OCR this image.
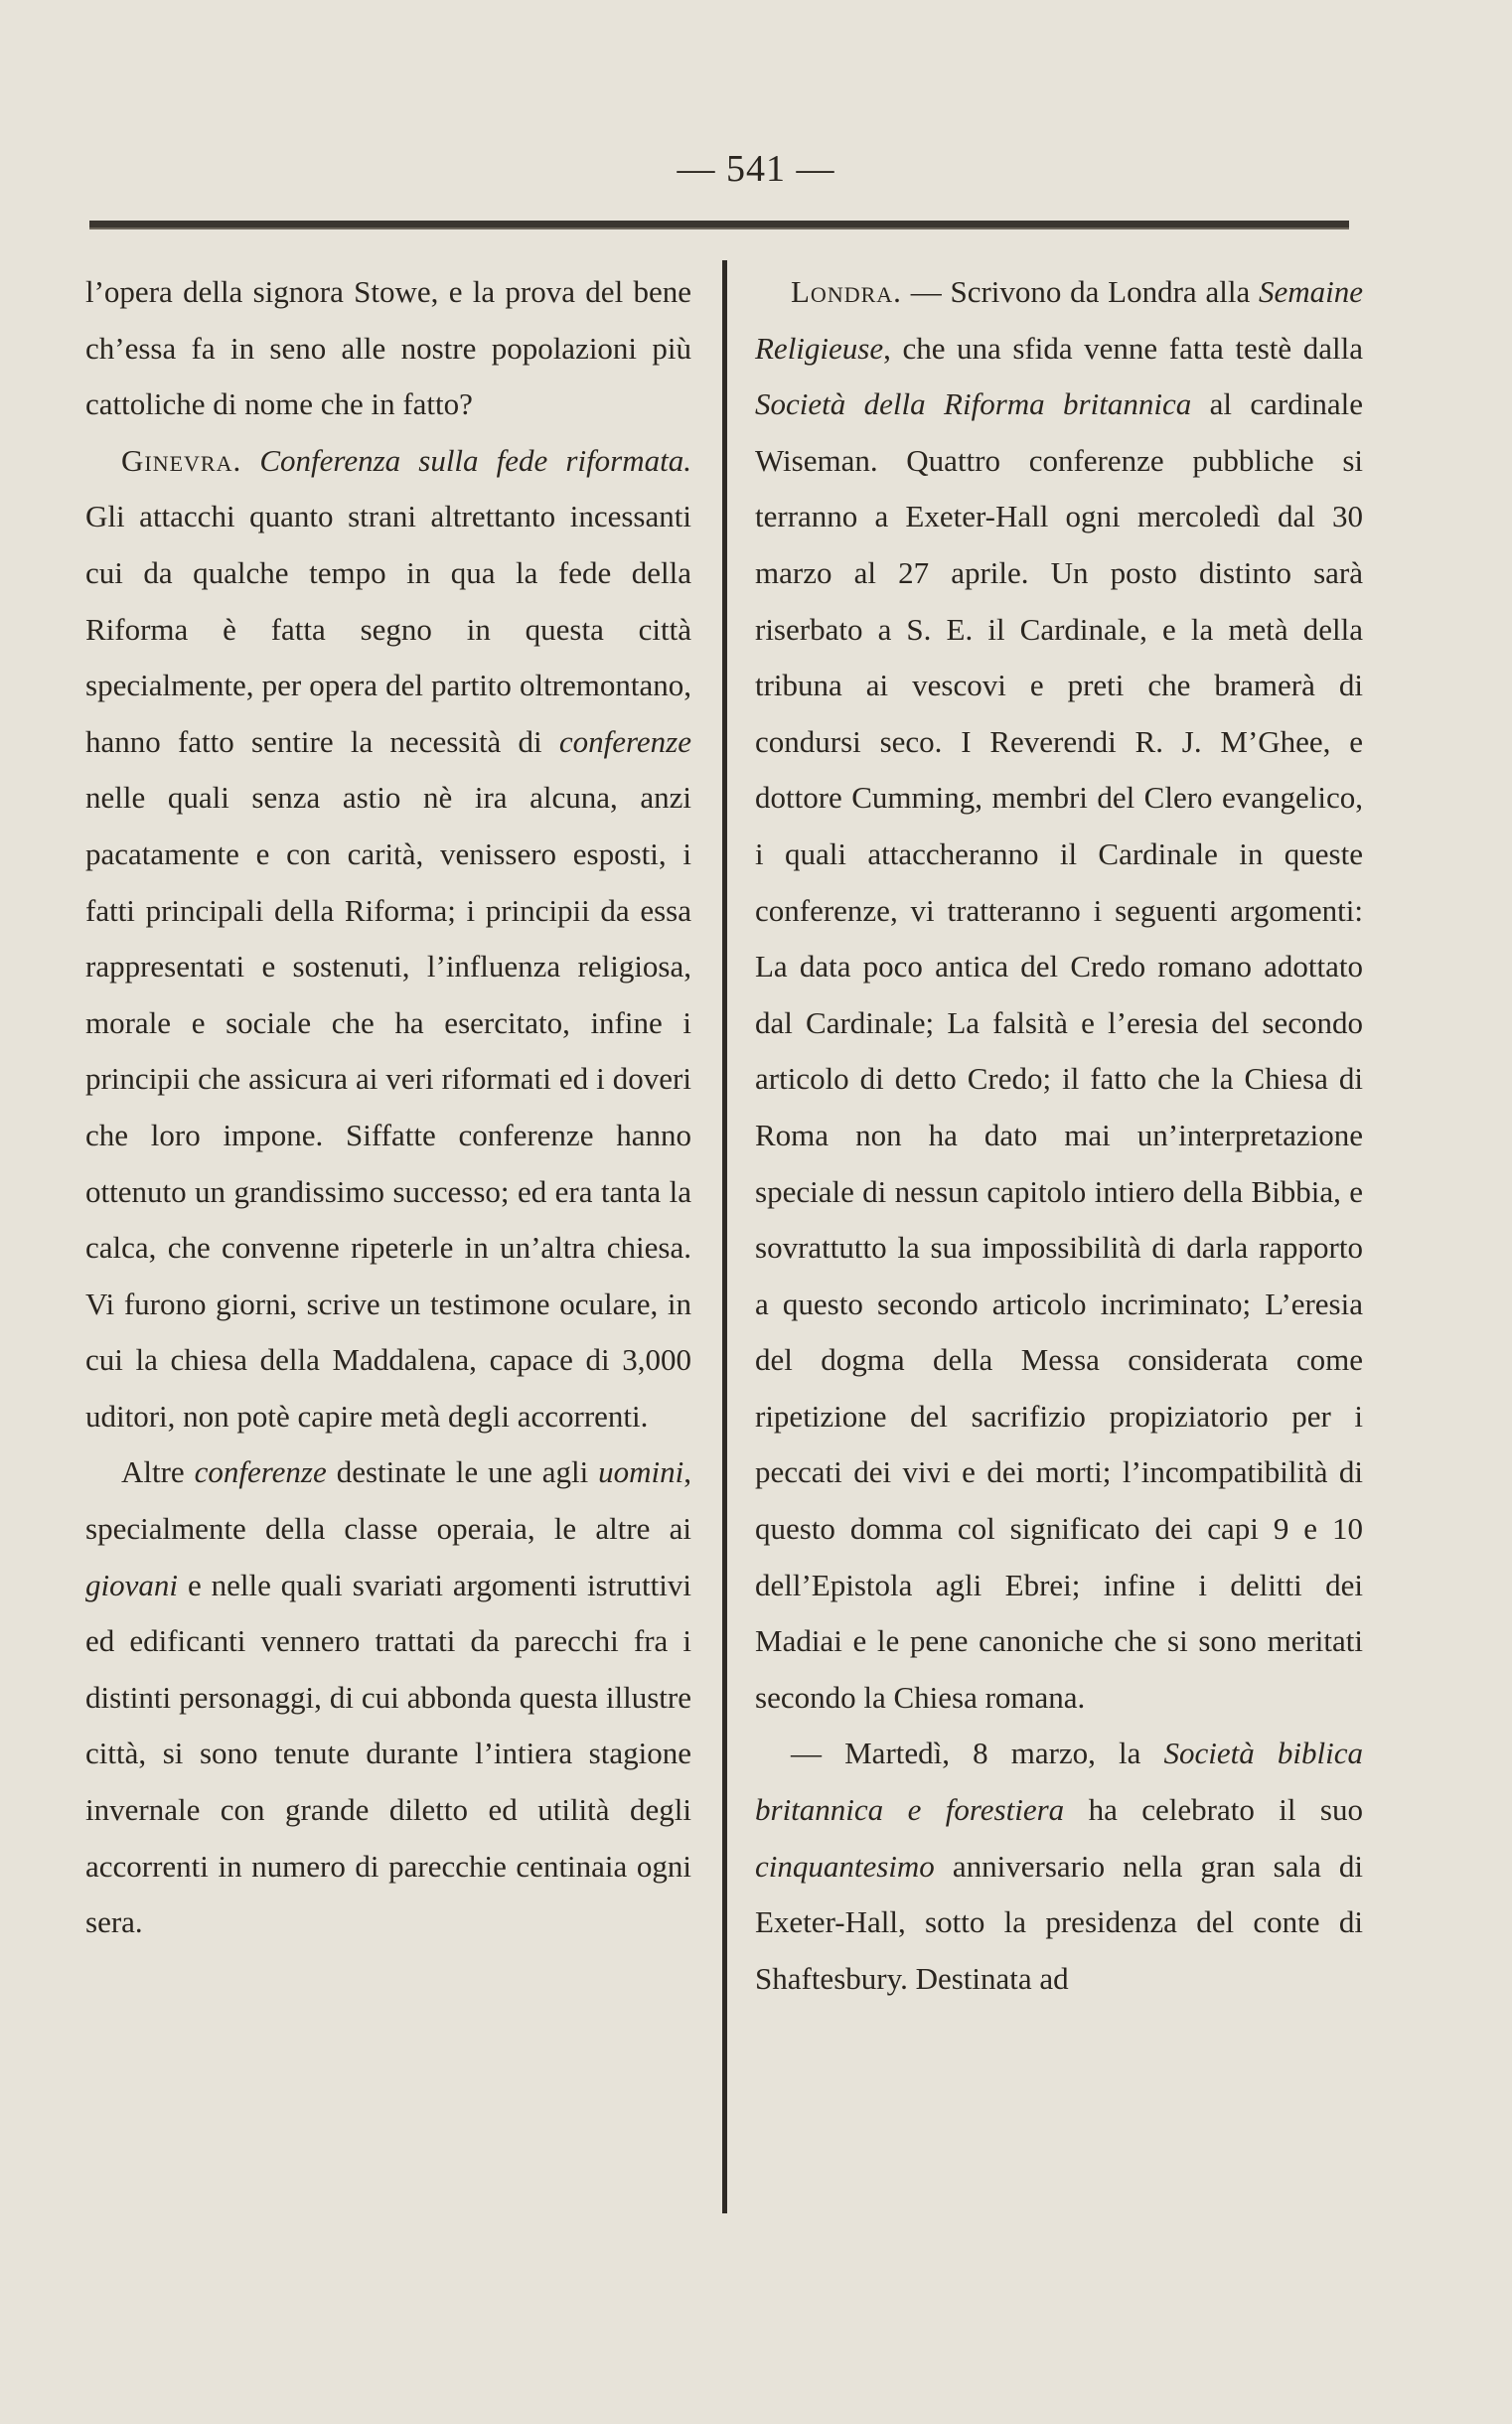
— 541 —

l’opera della signora Stowe, e la prova del bene ch’essa fa in seno alle nostre popolazioni più cattoliche di nome che in fatto?

Ginevra. Conferenza sulla fede riformata. Gli attacchi quanto strani altrettanto incessanti cui da qualche tempo in qua la fede della Riforma è fatta segno in questa città specialmente, per opera del partito oltremontano, hanno fatto sentire la necessità di conferenze nelle quali senza astio nè ira alcuna, anzi pacatamente e con carità, venissero esposti, i fatti principali della Riforma; i principii da essa rappresentati e sostenuti, l’influenza religiosa, morale e sociale che ha esercitato, infine i principii che assicura ai veri riformati ed i doveri che loro impone. Siffatte conferenze hanno ottenuto un grandissimo successo; ed era tanta la calca, che convenne ripeterle in un’altra chiesa. Vi furono giorni, scrive un testimone oculare, in cui la chiesa della Maddalena, capace di 3,000 uditori, non potè capire metà degli accorrenti.

Altre conferenze destinate le une agli uomini, specialmente della classe operaia, le altre ai giovani e nelle quali svariati argomenti istruttivi ed edificanti vennero trattati da parecchi fra i distinti personaggi, di cui abbonda questa illustre città, si sono tenute durante l’intiera stagione invernale con grande diletto ed utilità degli accorrenti in numero di parecchie centinaia ogni sera.

Londra. — Scrivono da Londra alla Semaine Religieuse, che una sfida venne fatta testè dalla Società della Riforma britannica al cardinale Wiseman. Quattro conferenze pubbliche si terranno a Exeter-Hall ogni mercoledì dal 30 marzo al 27 aprile. Un posto distinto sarà riserbato a S. E. il Cardinale, e la metà della tribuna ai vescovi e preti che bramerà di condursi seco. I Reverendi R. J. M’Ghee, e dottore Cumming, membri del Clero evangelico, i quali attaccheranno il Cardinale in queste conferenze, vi tratteranno i seguenti argomenti: La data poco antica del Credo romano adottato dal Cardinale; La falsità e l’eresia del secondo articolo di detto Credo; il fatto che la Chiesa di Roma non ha dato mai un’interpretazione speciale di nessun capitolo intiero della Bibbia, e sovrattutto la sua impossibilità di darla rapporto a questo secondo articolo incriminato; L’eresia del dogma della Messa considerata come ripetizione del sacrifizio propiziatorio per i peccati dei vivi e dei morti; l’incompatibilità di questo domma col significato dei capi 9 e 10 dell’Epistola agli Ebrei; infine i delitti dei Madiai e le pene canoniche che si sono meritati secondo la Chiesa romana.

— Martedì, 8 marzo, la Società biblica britannica e forestiera ha celebrato il suo cinquantesimo anniversario nella gran sala di Exeter-Hall, sotto la presidenza del conte di Shaftesbury. Destinata ad
